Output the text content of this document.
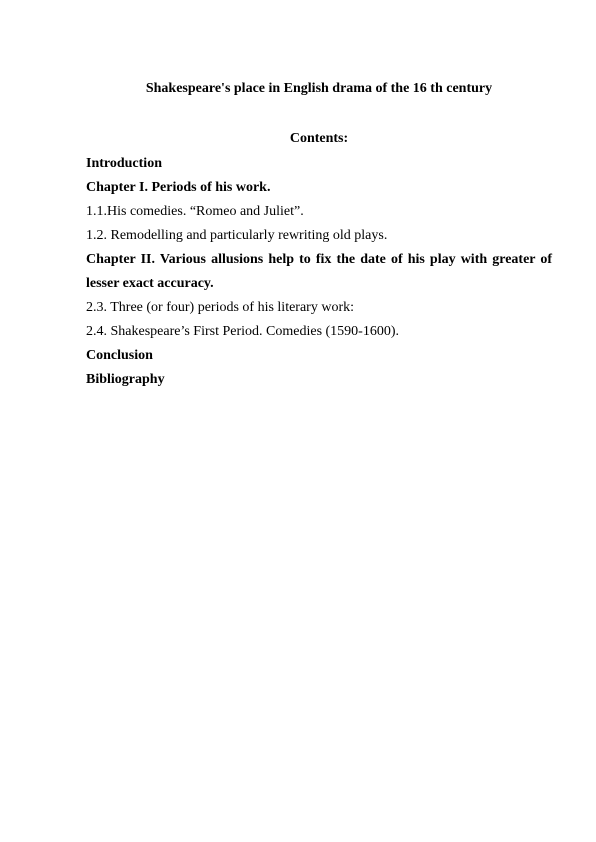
Shakespeare's place in English drama of the 16 th century
Contents:
Introduction
Chapter I. Periods of his work.
1.1.His comedies. “Romeo and Juliet”.
1.2. Remodelling and particularly rewriting old plays.
Chapter II. Various allusions help to fix the date of his play with greater of lesser exact accuracy.
2.3. Three (or four) periods of his literary work:
2.4. Shakespeare’s First Period. Comedies (1590-1600).
Conclusion
Bibliography
